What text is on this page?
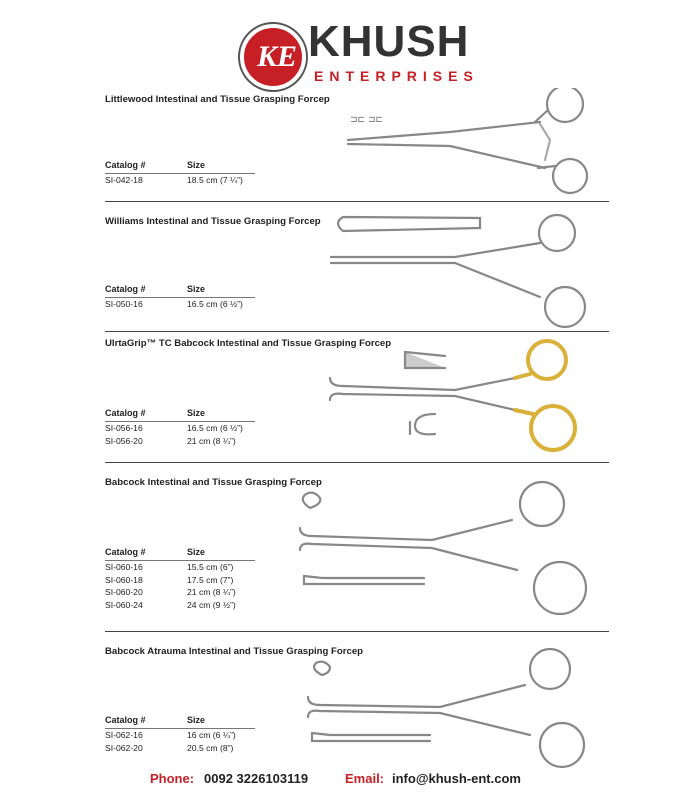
KE KHUSH
ENTERPRISES
Littlewood Intestinal and Tissue Grasping Forcep
Catalog #	Size
SI-042-18	18.5 cm (7 ¼”)
⊐⊏ ⊐⊏
Williams Intestinal and Tissue Grasping Forcep
Catalog #	Size
SI-050-16	16.5 cm (6 ½”)
UlrtaGrip™ TC Babcock Intestinal and Tissue Grasping Forcep
Catalog #	Size
SI-056-16	16.5 cm (6 ½”)
SI-056-20	21 cm (8 ¼”)
Babcock Intestinal and Tissue Grasping Forcep
Catalog #	Size
SI-060-16	15.5 cm (6”)
SI-060-18	17.5 cm (7”)
SI-060-20	21 cm (8 ¼”)
SI-060-24	24 cm (9 ½”)
Babcock Atrauma Intestinal and Tissue Grasping Forcep
Catalog #	Size
SI-062-16	16 cm (6 ¼”)
SI-062-20	20.5 cm (8”)
Phone: 0092 3226103119	Email: info@khush-ent.com
